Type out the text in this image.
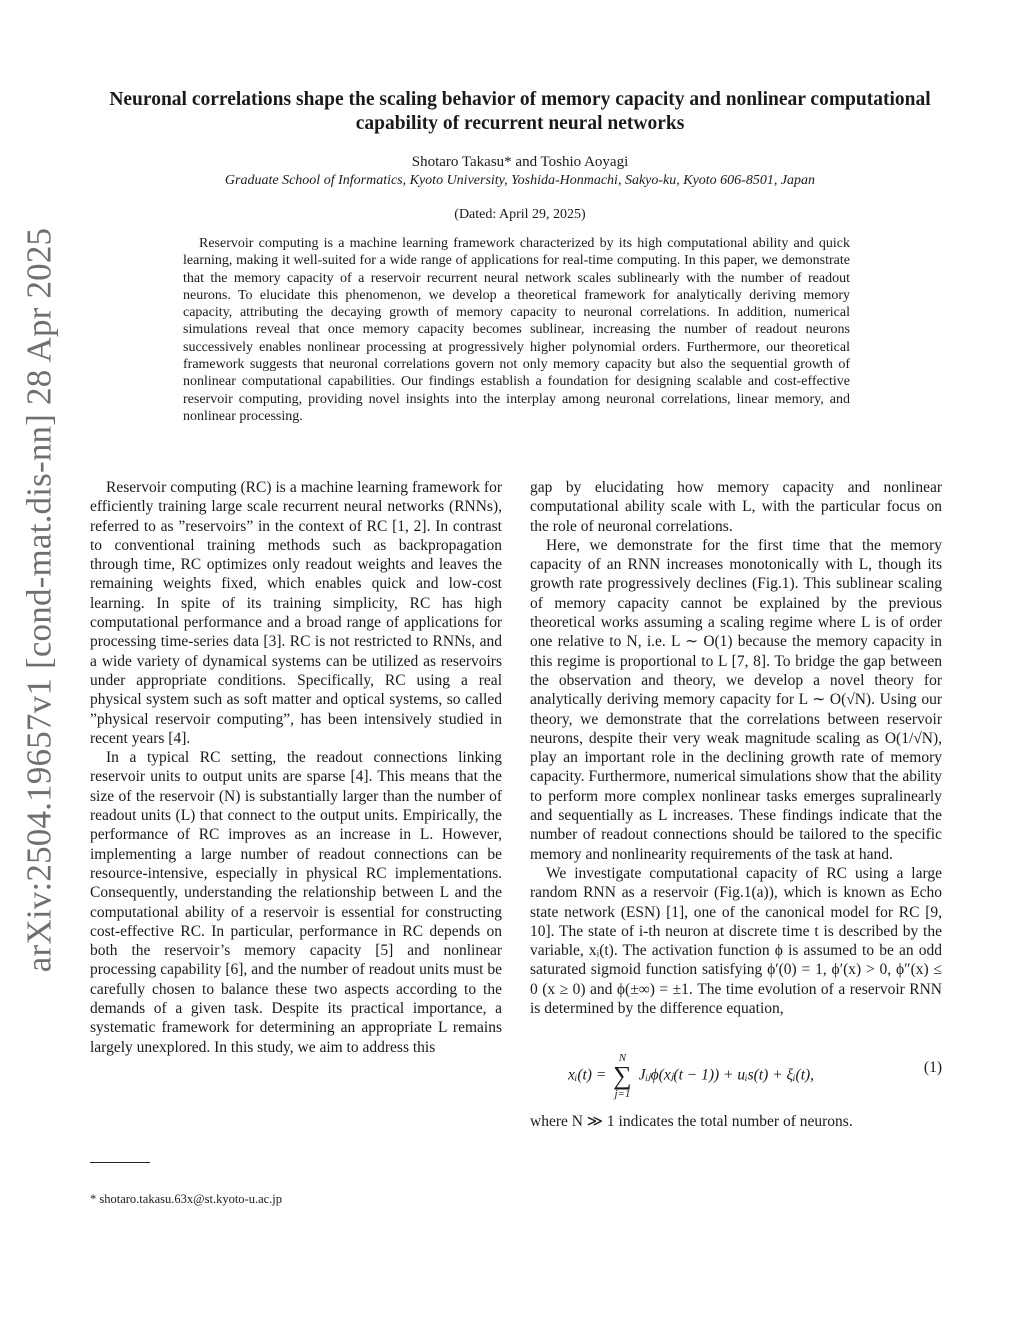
arXiv:2504.19657v1 [cond-mat.dis-nn] 28 Apr 2025
Neuronal correlations shape the scaling behavior of memory capacity and nonlinear computational capability of recurrent neural networks
Shotaro Takasu* and Toshio Aoyagi
Graduate School of Informatics, Kyoto University, Yoshida-Honmachi, Sakyo-ku, Kyoto 606-8501, Japan
(Dated: April 29, 2025)

Reservoir computing is a machine learning framework characterized by its high computational ability and quick learning, making it well-suited for a wide range of applications for real-time computing. In this paper, we demonstrate that the memory capacity of a reservoir recurrent neural network scales sublinearly with the number of readout neurons. To elucidate this phenomenon, we develop a theoretical framework for analytically deriving memory capacity, attributing the decaying growth of memory capacity to neuronal correlations. In addition, numerical simulations reveal that once memory capacity becomes sublinear, increasing the number of readout neurons successively enables nonlinear processing at progressively higher polynomial orders. Furthermore, our theoretical framework suggests that neuronal correlations govern not only memory capacity but also the sequential growth of nonlinear computational capabilities. Our findings establish a foundation for designing scalable and cost-effective reservoir computing, providing novel insights into the interplay among neuronal correlations, linear memory, and nonlinear processing.

Reservoir computing (RC) is a machine learning framework for efficiently training large scale recurrent neural networks (RNNs), referred to as ”reservoirs” in the context of RC [1, 2]. In contrast to conventional training methods such as backpropagation through time, RC optimizes only readout weights and leaves the remaining weights fixed, which enables quick and low-cost learning. In spite of its training simplicity, RC has high computational performance and a broad range of applications for processing time-series data [3]. RC is not restricted to RNNs, and a wide variety of dynamical systems can be utilized as reservoirs under appropriate conditions. Specifically, RC using a real physical system such as soft matter and optical systems, so called ”physical reservoir computing”, has been intensively studied in recent years [4].

In a typical RC setting, the readout connections linking reservoir units to output units are sparse [4]. This means that the size of the reservoir (N) is substantially larger than the number of readout units (L) that connect to the output units. Empirically, the performance of RC improves as an increase in L. However, implementing a large number of readout connections can be resource-intensive, especially in physical RC implementations. Consequently, understanding the relationship between L and the computational ability of a reservoir is essential for constructing cost-effective RC. In particular, performance in RC depends on both the reservoir’s memory capacity [5] and nonlinear processing capability [6], and the number of readout units must be carefully chosen to balance these two aspects according to the demands of a given task. Despite its practical importance, a systematic framework for determining an appropriate L remains largely unexplored. In this study, we aim to address this

gap by elucidating how memory capacity and nonlinear computational ability scale with L, with the particular focus on the role of neuronal correlations.

Here, we demonstrate for the first time that the memory capacity of an RNN increases monotonically with L, though its growth rate progressively declines (Fig.1). This sublinear scaling of memory capacity cannot be explained by the previous theoretical works assuming a scaling regime where L is of order one relative to N, i.e. L ∼ O(1) because the memory capacity in this regime is proportional to L [7, 8]. To bridge the gap between the observation and theory, we develop a novel theory for analytically deriving memory capacity for L ∼ O(√N). Using our theory, we demonstrate that the correlations between reservoir neurons, despite their very weak magnitude scaling as O(1/√N), play an important role in the declining growth rate of memory capacity. Furthermore, numerical simulations show that the ability to perform more complex nonlinear tasks emerges supralinearly and sequentially as L increases. These findings indicate that the number of readout connections should be tailored to the specific memory and nonlinearity requirements of the task at hand.

We investigate computational capacity of RC using a large random RNN as a reservoir (Fig.1(a)), which is known as Echo state network (ESN) [1], one of the canonical model for RC [9, 10]. The state of i-th neuron at discrete time t is described by the variable, xᵢ(t). The activation function ϕ is assumed to be an odd saturated sigmoid function satisfying ϕ′(0) = 1, ϕ′(x) > 0, ϕ″(x) ≤ 0 (x ≥ 0) and ϕ(±∞) = ±1. The time evolution of a reservoir RNN is determined by the difference equation,

xᵢ(t) =
N
∑
j=1
Jᵢⱼϕ(xⱼ(t − 1)) + uᵢs(t) + ξᵢ(t),	(1)

where N ≫ 1 indicates the total number of neurons.

* shotaro.takasu.63x@st.kyoto-u.ac.jp
